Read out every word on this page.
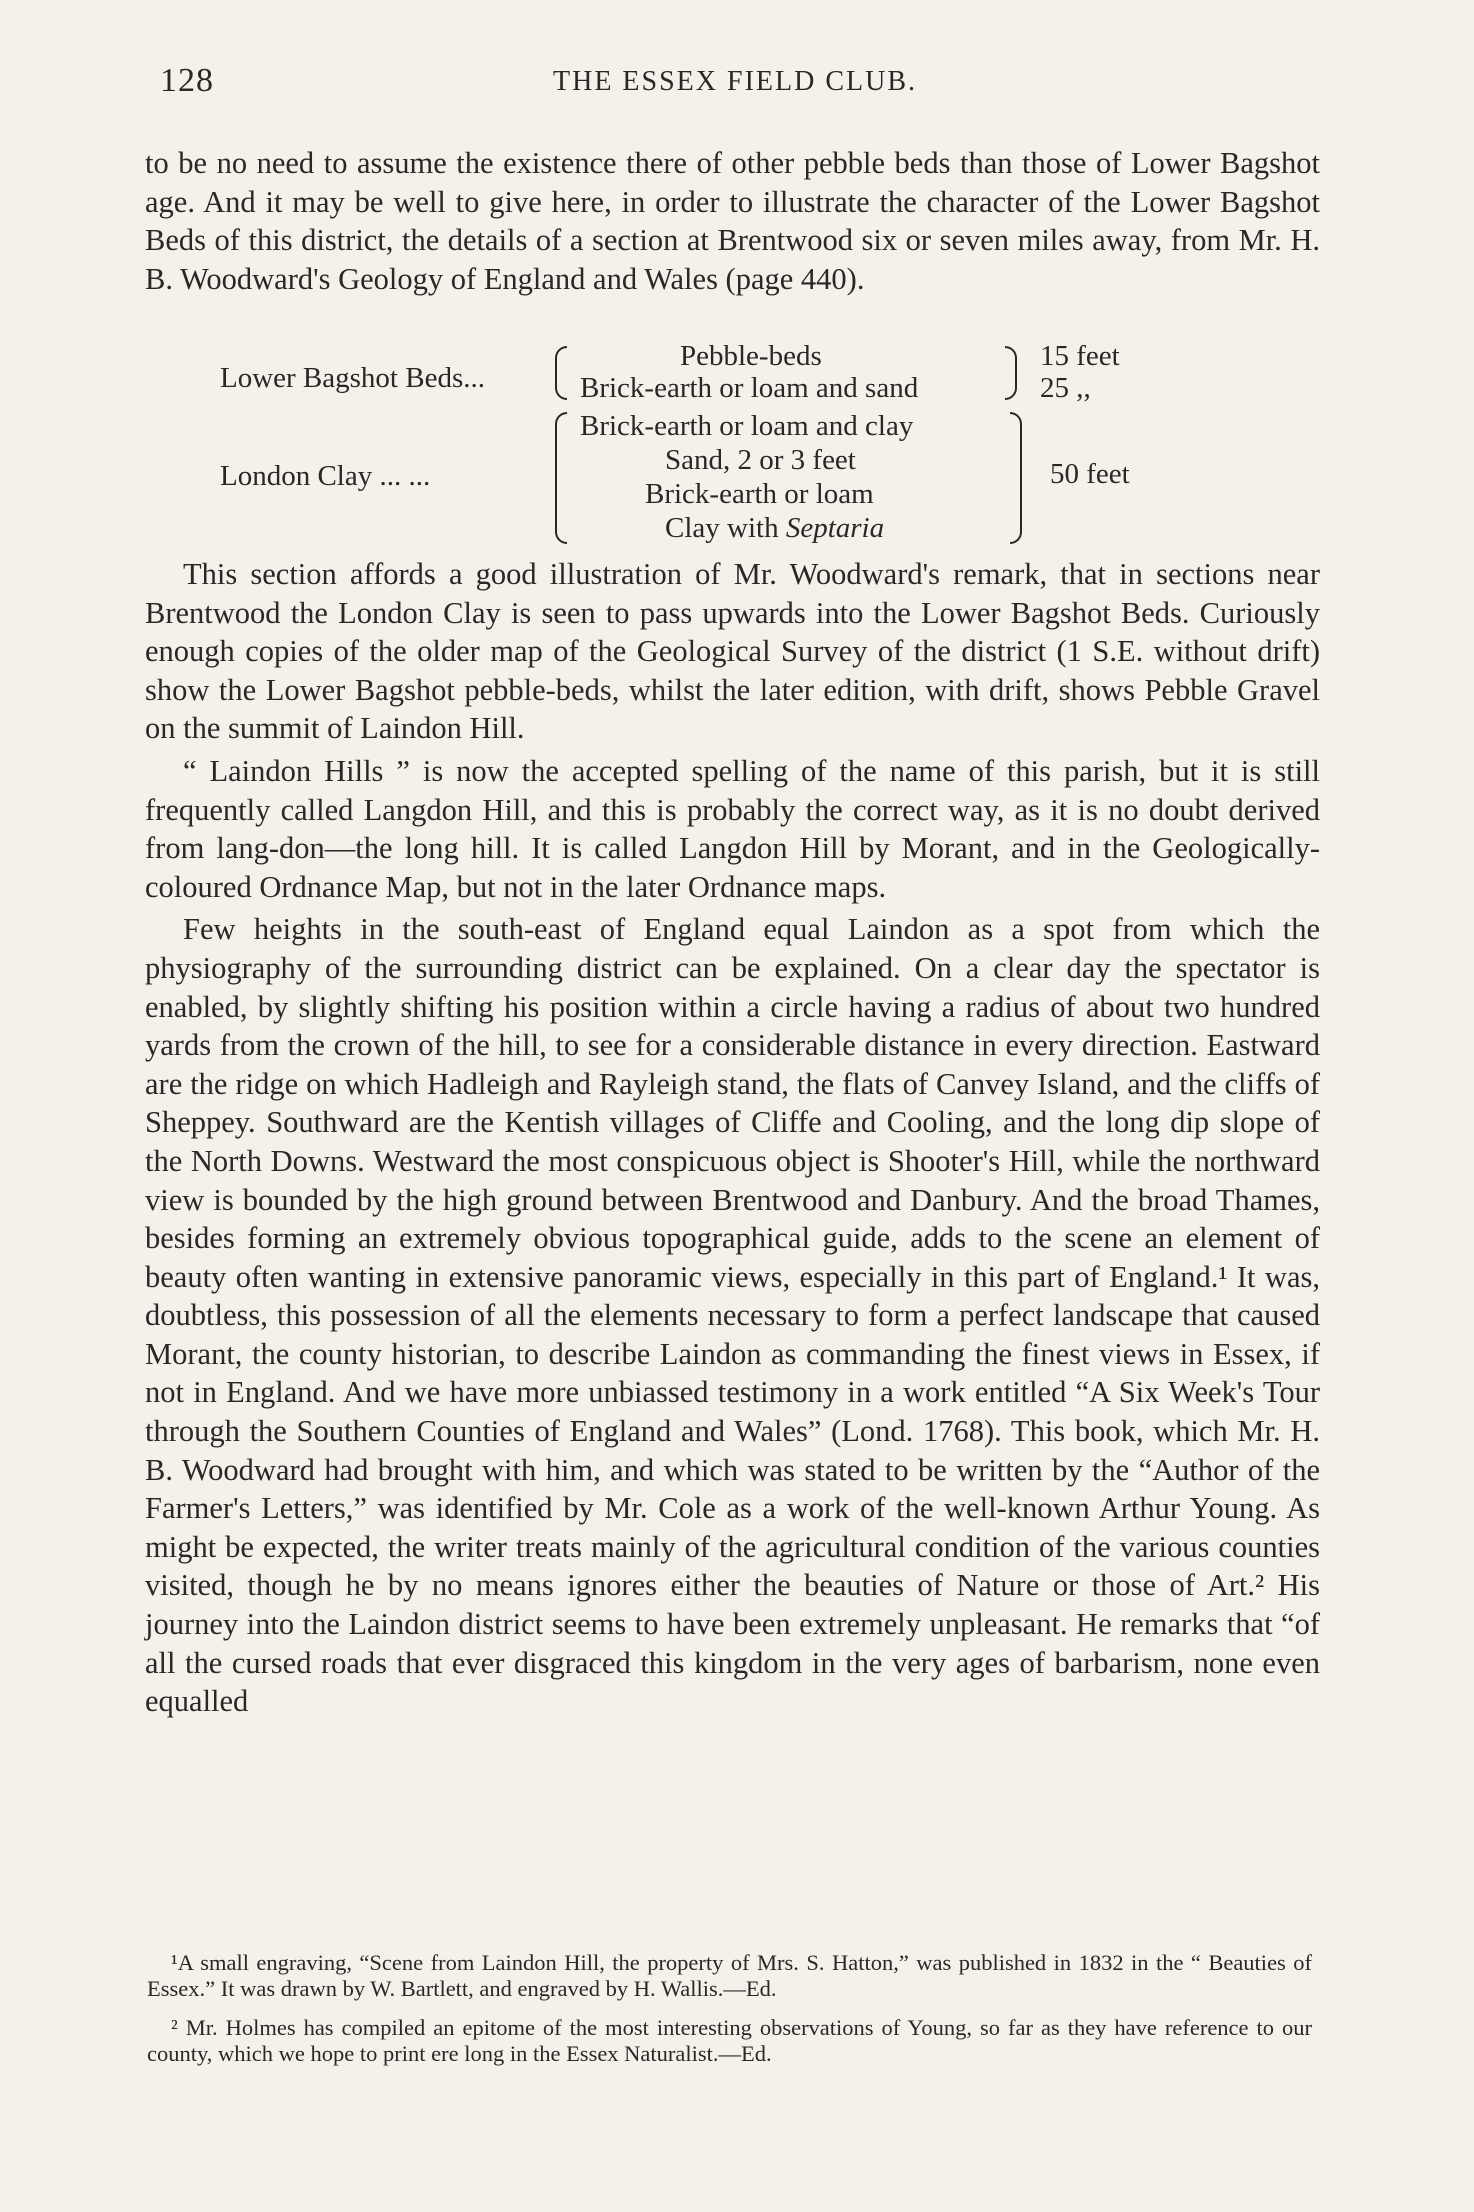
128	THE ESSEX FIELD CLUB.

to be no need to assume the existence there of other pebble beds than those of Lower Bagshot age. And it may be well to give here, in order to illustrate the character of the Lower Bagshot Beds of this district, the details of a section at Brentwood six or seven miles away, from Mr. H. B. Woodward's Geology of England and Wales (page 440).

Lower Bagshot Beds...
Pebble-beds
Brick-earth or loam and sand
15 feet
25 ,,
London Clay ... ...
Brick-earth or loam and clay
Sand, 2 or 3 feet
Brick-earth or loam
Clay with Septaria
50 feet

This section affords a good illustration of Mr. Woodward's remark, that in sections near Brentwood the London Clay is seen to pass upwards into the Lower Bagshot Beds. Curiously enough copies of the older map of the Geological Survey of the district (1 S.E. without drift) show the Lower Bagshot pebble-beds, whilst the later edition, with drift, shows Pebble Gravel on the summit of Laindon Hill.

“ Laindon Hills ” is now the accepted spelling of the name of this parish, but it is still frequently called Langdon Hill, and this is probably the correct way, as it is no doubt derived from lang-don—the long hill. It is called Langdon Hill by Morant, and in the Geologically-coloured Ordnance Map, but not in the later Ordnance maps.

Few heights in the south-east of England equal Laindon as a spot from which the physiography of the surrounding district can be explained. On a clear day the spectator is enabled, by slightly shifting his position within a circle having a radius of about two hundred yards from the crown of the hill, to see for a considerable distance in every direction. Eastward are the ridge on which Hadleigh and Rayleigh stand, the flats of Canvey Island, and the cliffs of Sheppey. Southward are the Kentish villages of Cliffe and Cooling, and the long dip slope of the North Downs. Westward the most conspicuous object is Shooter's Hill, while the northward view is bounded by the high ground between Brentwood and Danbury. And the broad Thames, besides forming an extremely obvious topographical guide, adds to the scene an element of beauty often wanting in extensive panoramic views, especially in this part of England.¹ It was, doubtless, this possession of all the elements necessary to form a perfect landscape that caused Morant, the county historian, to describe Laindon as commanding the finest views in Essex, if not in England. And we have more unbiassed testimony in a work entitled “A Six Week's Tour through the Southern Counties of England and Wales” (Lond. 1768). This book, which Mr. H. B. Woodward had brought with him, and which was stated to be written by the “Author of the Farmer's Letters,” was identified by Mr. Cole as a work of the well-known Arthur Young. As might be expected, the writer treats mainly of the agricultural condition of the various counties visited, though he by no means ignores either the beauties of Nature or those of Art.² His journey into the Laindon district seems to have been extremely unpleasant. He remarks that “of all the cursed roads that ever disgraced this kingdom in the very ages of barbarism, none even equalled

¹A small engraving, “Scene from Laindon Hill, the property of Mrs. S. Hatton,” was published in 1832 in the “ Beauties of Essex.” It was drawn by W. Bartlett, and engraved by H. Wallis.—Ed.

² Mr. Holmes has compiled an epitome of the most interesting observations of Young, so far as they have reference to our county, which we hope to print ere long in the Essex Naturalist.—Ed.
